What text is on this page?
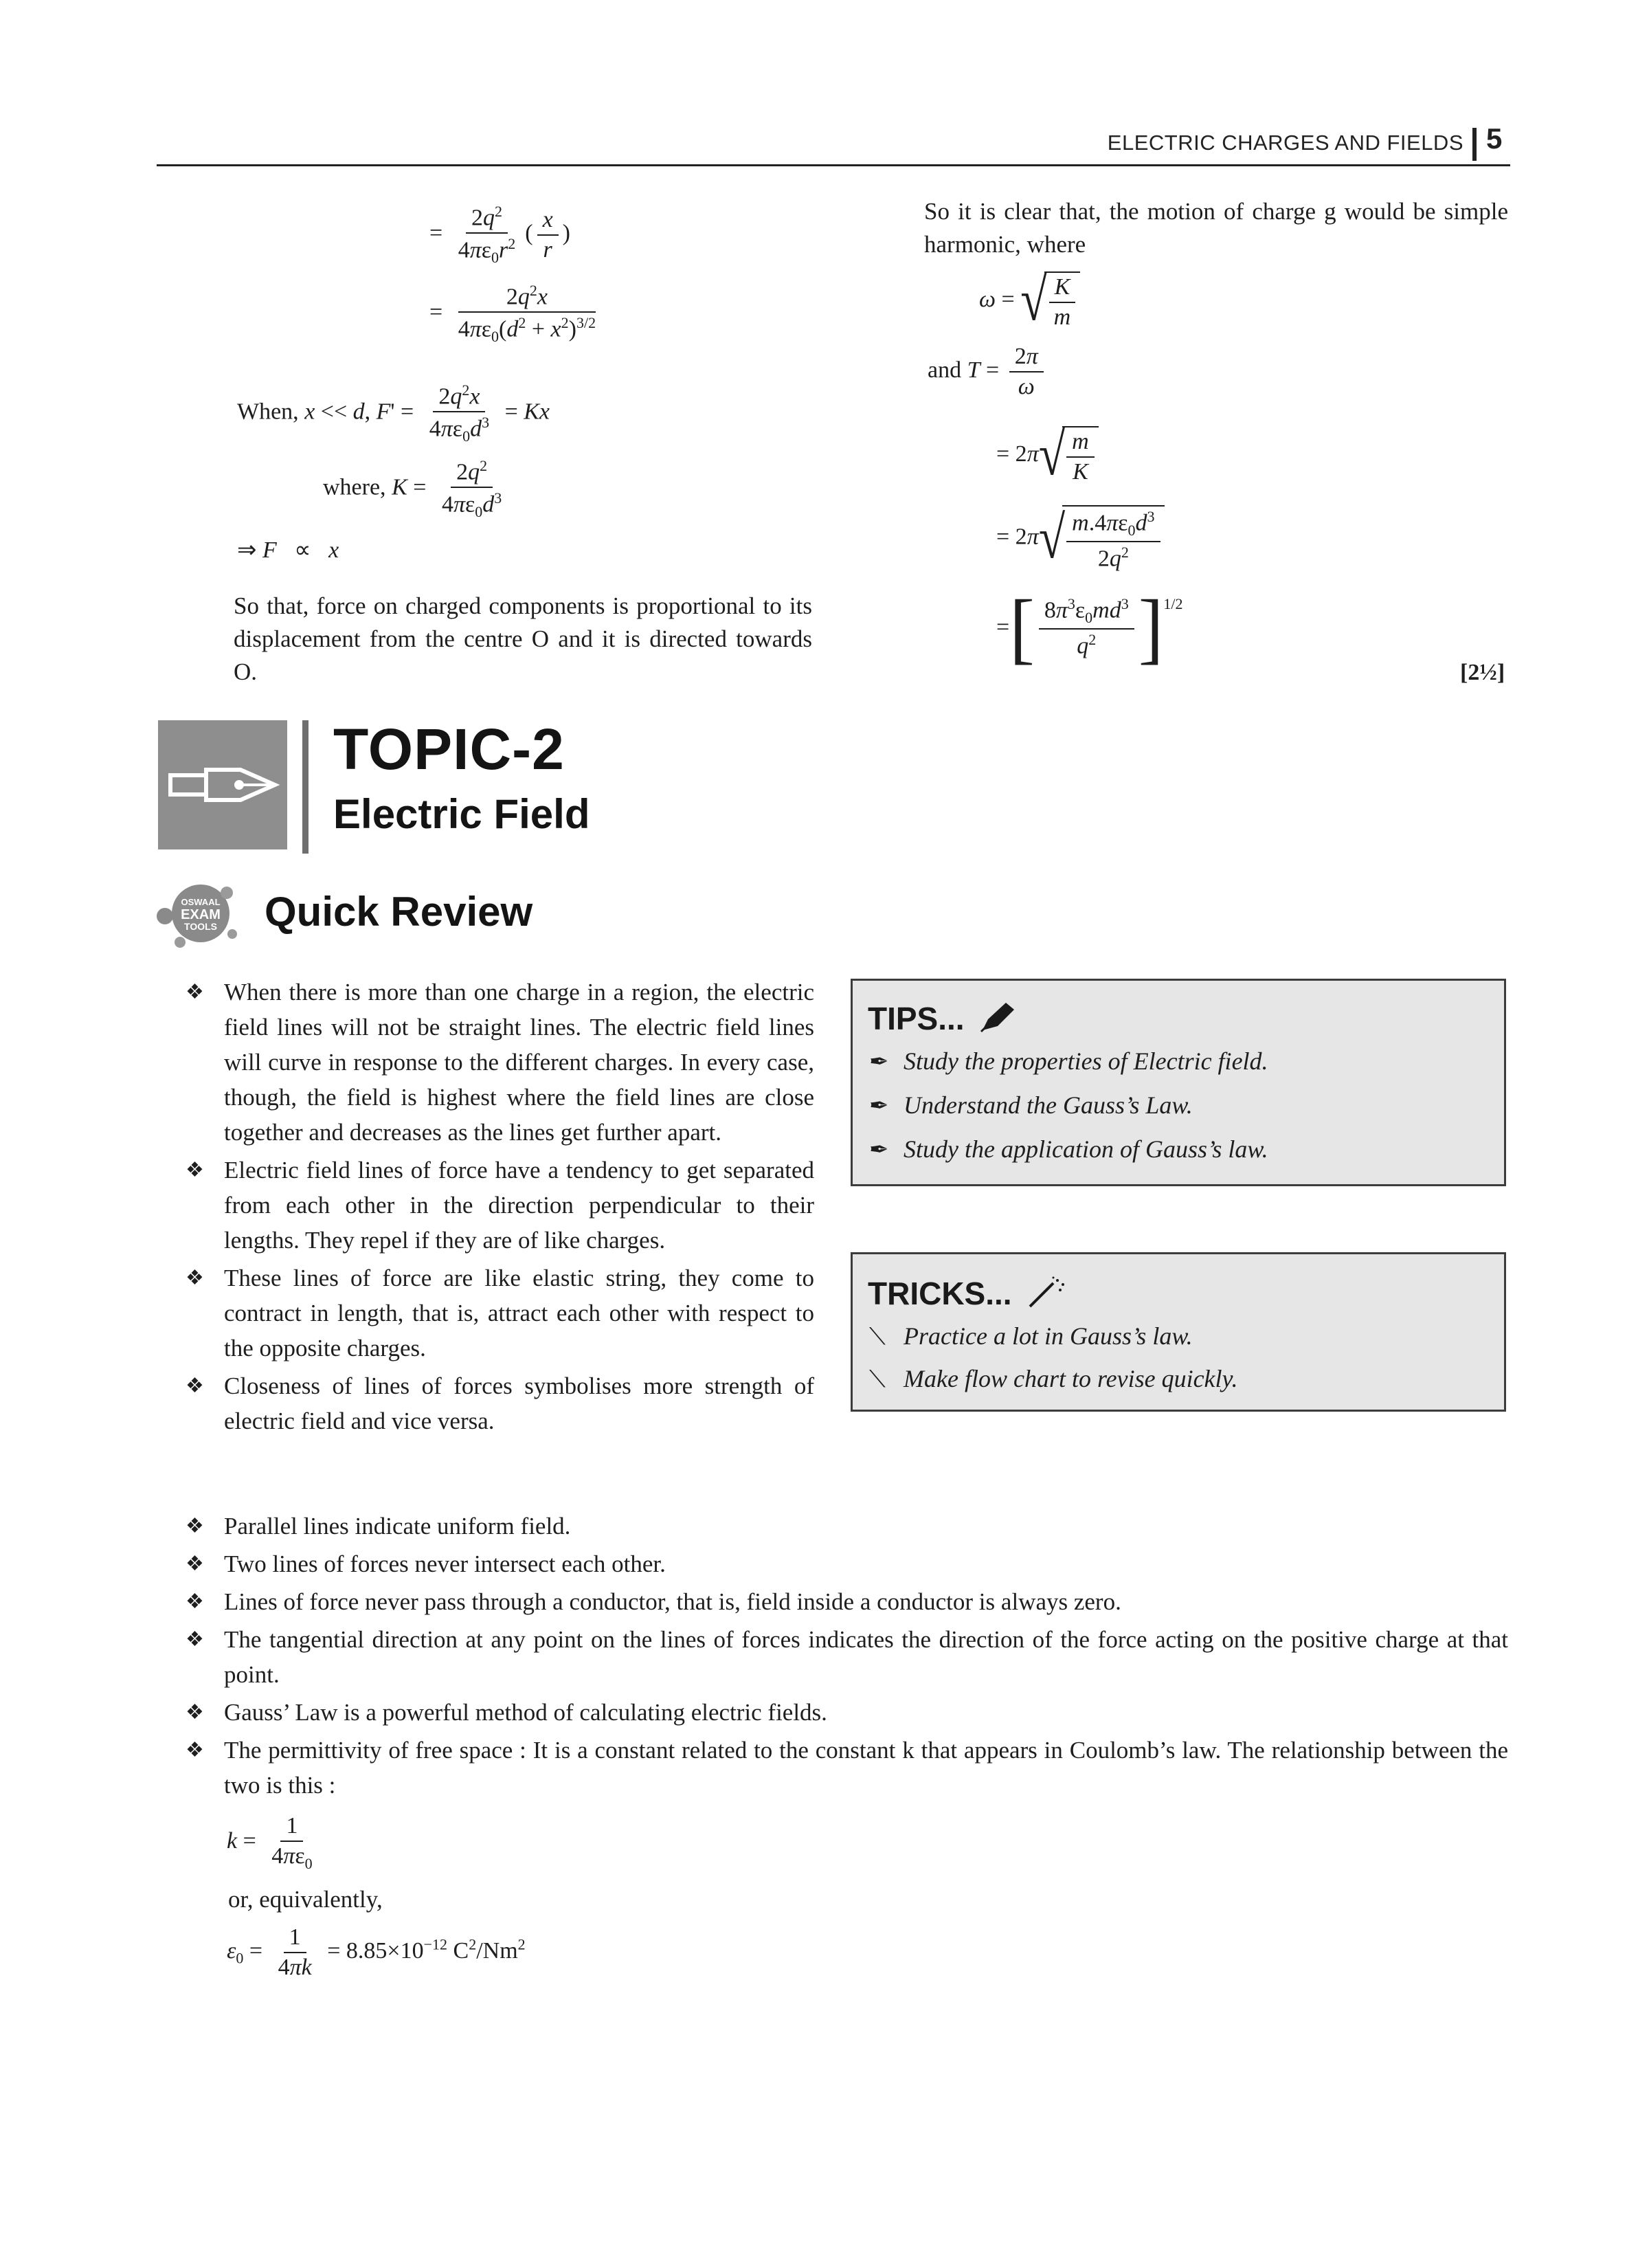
ELECTRIC CHARGES AND FIELDS 5
= $\frac{2q^2}{4\pi\varepsilon_0r^2}$ ( $\frac{x}{r}$ )
= $\frac{2q^2x}{4\pi\varepsilon_0(d^2 + x^2)^{3/2}}$
When, x << d, $F' = \frac{2q^2x}{4\pi\varepsilon_0d^3} = Kx$
where, $K = \frac{2q^2}{4\pi\varepsilon_0d^3}$
⇒ F   ∝   x
So that, force on charged components is proportional to its displacement from the centre O and it is directed towards O.
So it is clear that, the motion of charge g would be simple harmonic, where
ω = √ $\frac{K}{m}$
and $T = \frac{2\pi}{\omega}$
= 2π √ $\frac{m}{K}$
= 2π √ $\frac{m.4\pi\varepsilon_0d^3}{2q^2}$
= [ $\frac{8\pi^3\varepsilon_0md^3}{q^2} ]^{1/2}$
[2½]
TOPIC-2
Electric Field
OSWAAL
EXAM
TOOLS Quick Review
❖ When there is more than one charge in a region, the electric field lines will not be straight lines. The electric field lines will curve in response to the different charges. In every case, though, the field is highest where the field lines are close together and decreases as the lines get further apart.
❖ Electric field lines of force have a tendency to get separated from each other in the direction perpendicular to their lengths. They repel if they are of like charges.
❖ These lines of force are like elastic string, they come to contract in length, that is, attract each other with respect to the opposite charges.
❖ Closeness of lines of forces symbolises more strength of electric field and vice versa.
❖ Parallel lines indicate uniform field.
❖ Two lines of forces never intersect each other.
❖ Lines of force never pass through a conductor, that is, field inside a conductor is always zero.
❖ The tangential direction at any point on the lines of forces indicates the direction of the force acting on the positive charge at that point.
❖ Gauss’ Law is a powerful method of calculating electric fields.
❖ The permittivity of free space : It is a constant related to the constant k that appears in Coulomb’s law. The relationship between the two is this :
$k = \frac{1}{4\pi\varepsilon_0}$
or, equivalently,
$\varepsilon_0 = \frac{1}{4\pi k} = 8.85\times 10^{-12}$ $C^2/Nm^2$
TIPS...
✒ Study the properties of Electric field.
✒ Understand the Gauss’s Law.
✒ Study the application of Gauss’s law.
TRICKS...
⟍ Practice a lot in Gauss’s law.
⟍ Make flow chart to revise quickly.
